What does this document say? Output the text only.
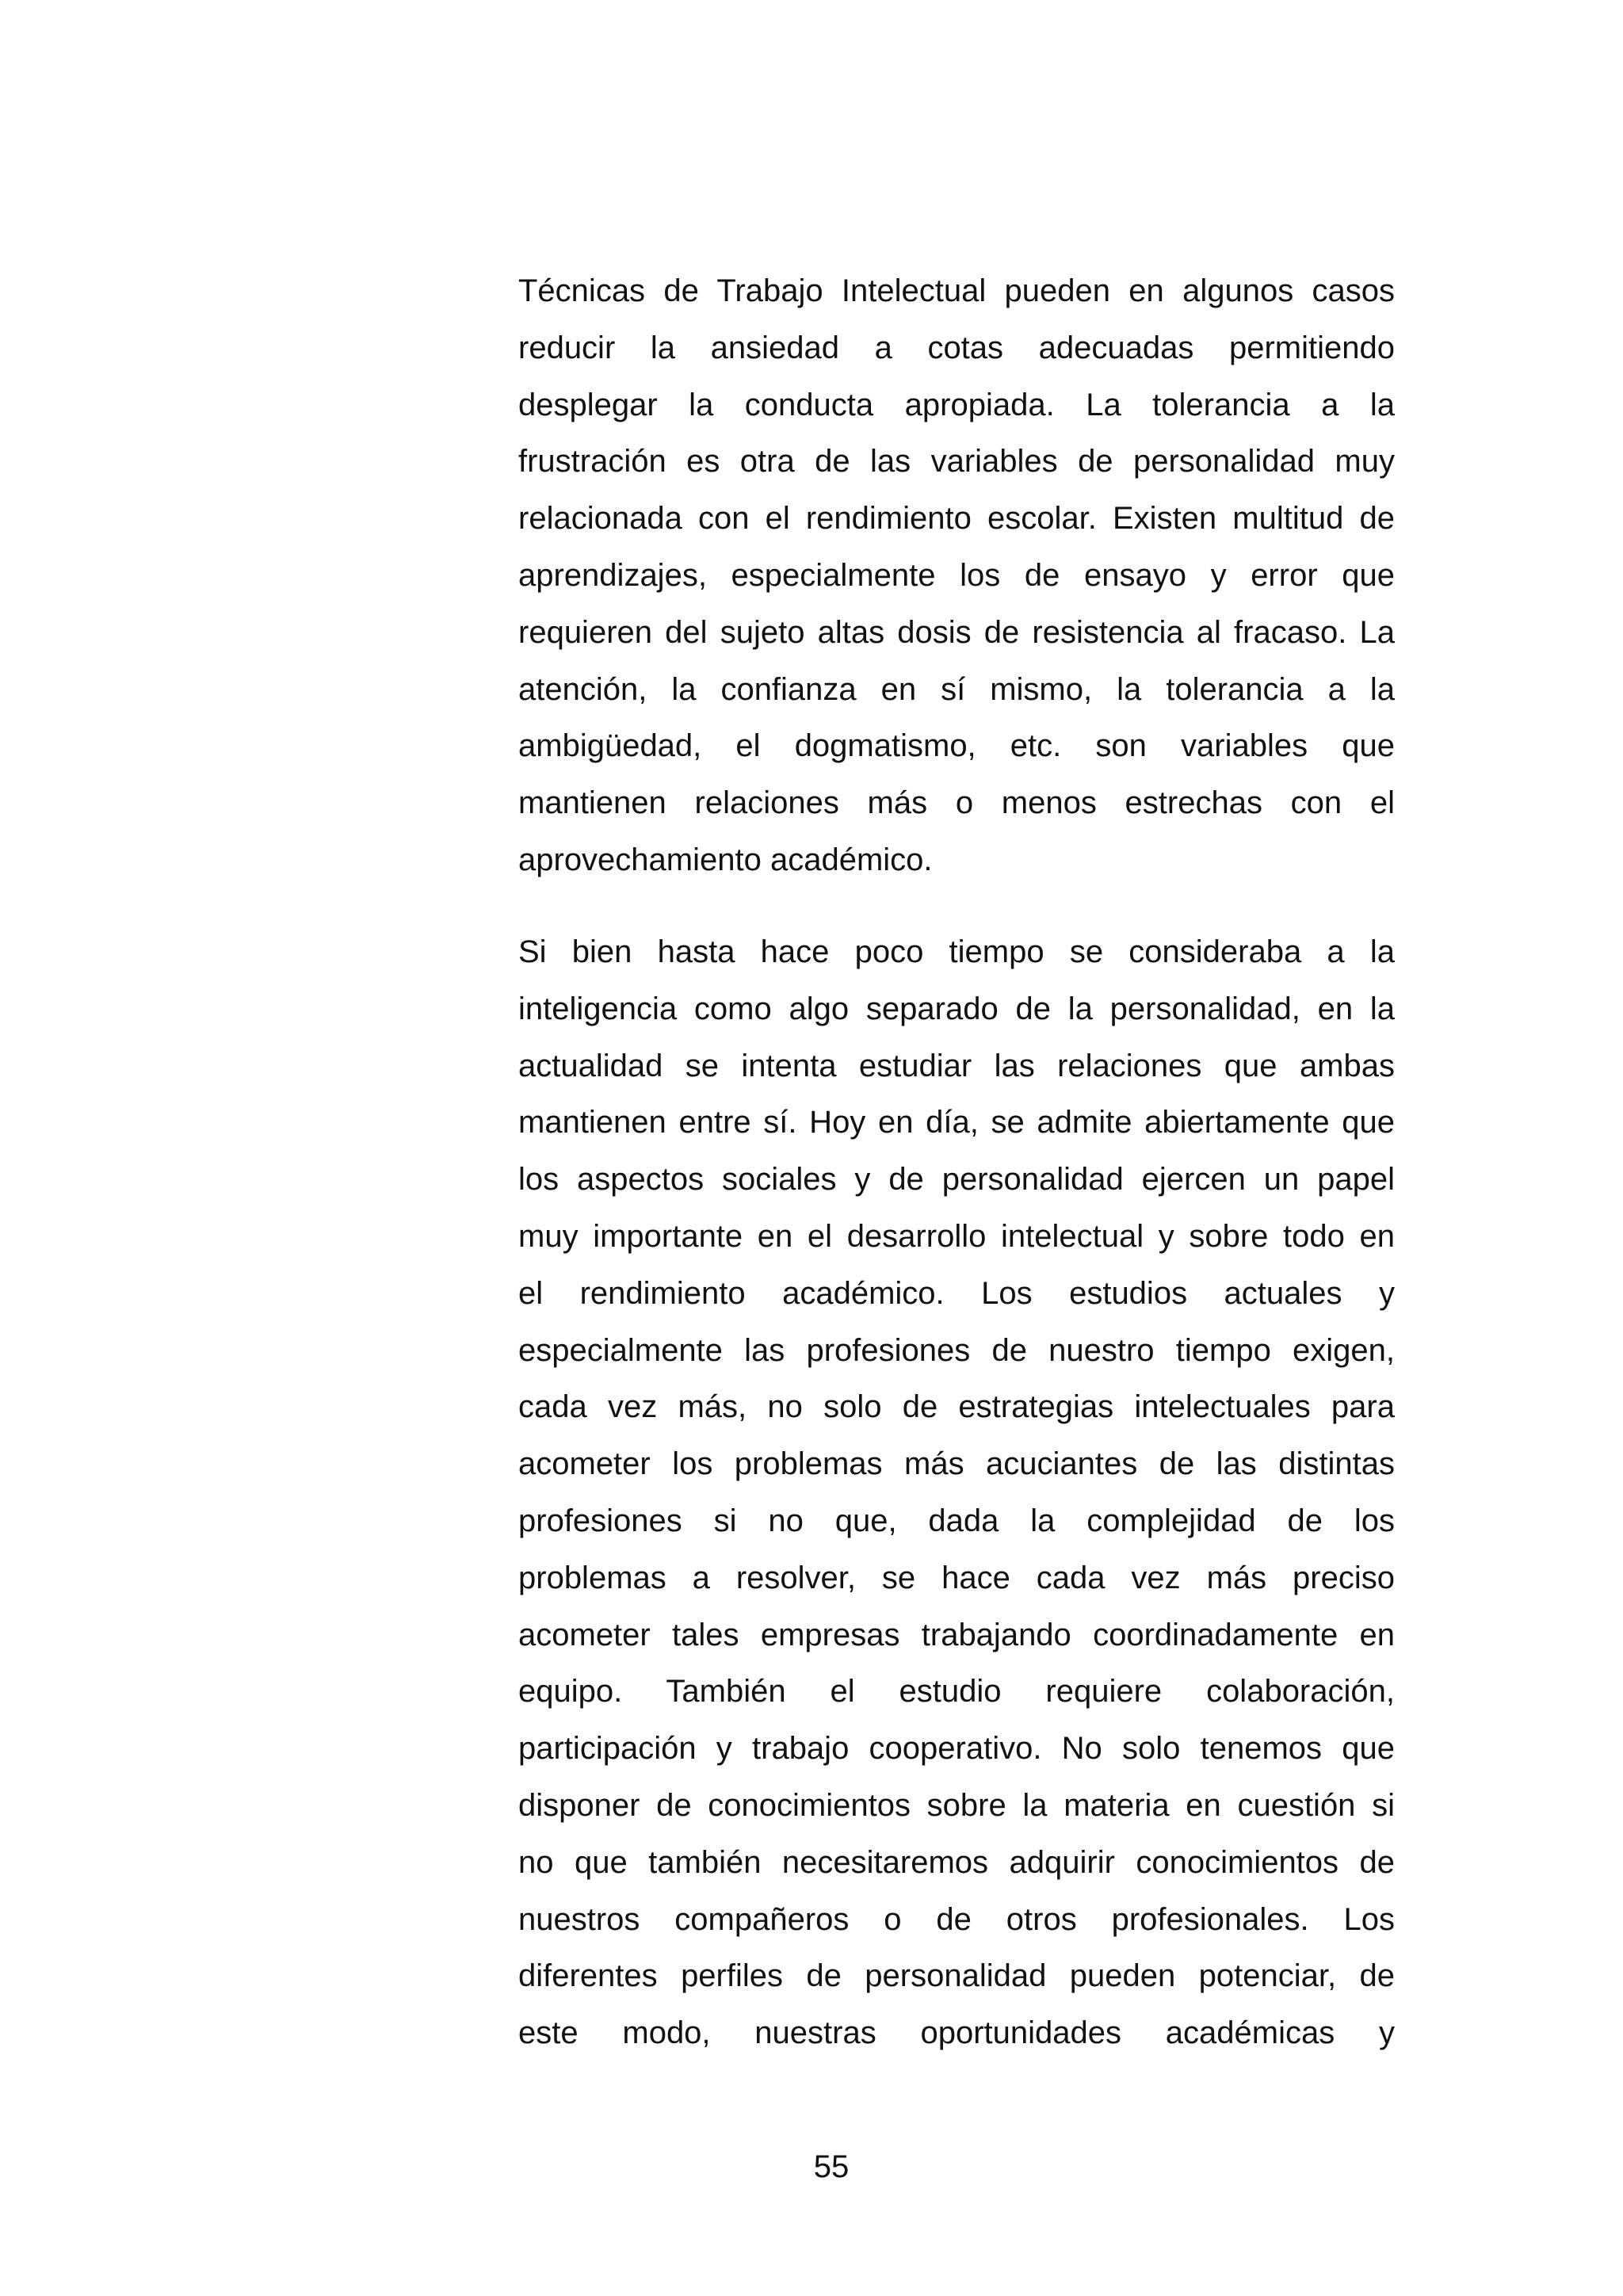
Técnicas de Trabajo Intelectual pueden en algunos casos
reducir la ansiedad a cotas adecuadas permitiendo
desplegar la conducta apropiada. La tolerancia a la
frustración es otra de las variables de personalidad muy
relacionada con el rendimiento escolar. Existen multitud de
aprendizajes, especialmente los de ensayo y error que
requieren del sujeto altas dosis de resistencia al fracaso. La
atención, la confianza en sí mismo, la tolerancia a la
ambigüedad, el dogmatismo, etc. son variables que
mantienen relaciones más o menos estrechas con el
aprovechamiento académico.
Si bien hasta hace poco tiempo se consideraba a la
inteligencia como algo separado de la personalidad, en la
actualidad se intenta estudiar las relaciones que ambas
mantienen entre sí. Hoy en día, se admite abiertamente que
los aspectos sociales y de personalidad ejercen un papel
muy importante en el desarrollo intelectual y sobre todo en
el rendimiento académico. Los estudios actuales y
especialmente las profesiones de nuestro tiempo exigen,
cada vez más, no solo de estrategias intelectuales para
acometer los problemas más acuciantes de las distintas
profesiones si no que, dada la complejidad de los
problemas a resolver, se hace cada vez más preciso
acometer tales empresas trabajando coordinadamente en
equipo. También el estudio requiere colaboración,
participación y trabajo cooperativo. No solo tenemos que
disponer de conocimientos sobre la materia en cuestión si
no que también necesitaremos adquirir conocimientos de
nuestros compañeros o de otros profesionales. Los
diferentes perfiles de personalidad pueden potenciar, de
este modo, nuestras oportunidades académicas y
55
